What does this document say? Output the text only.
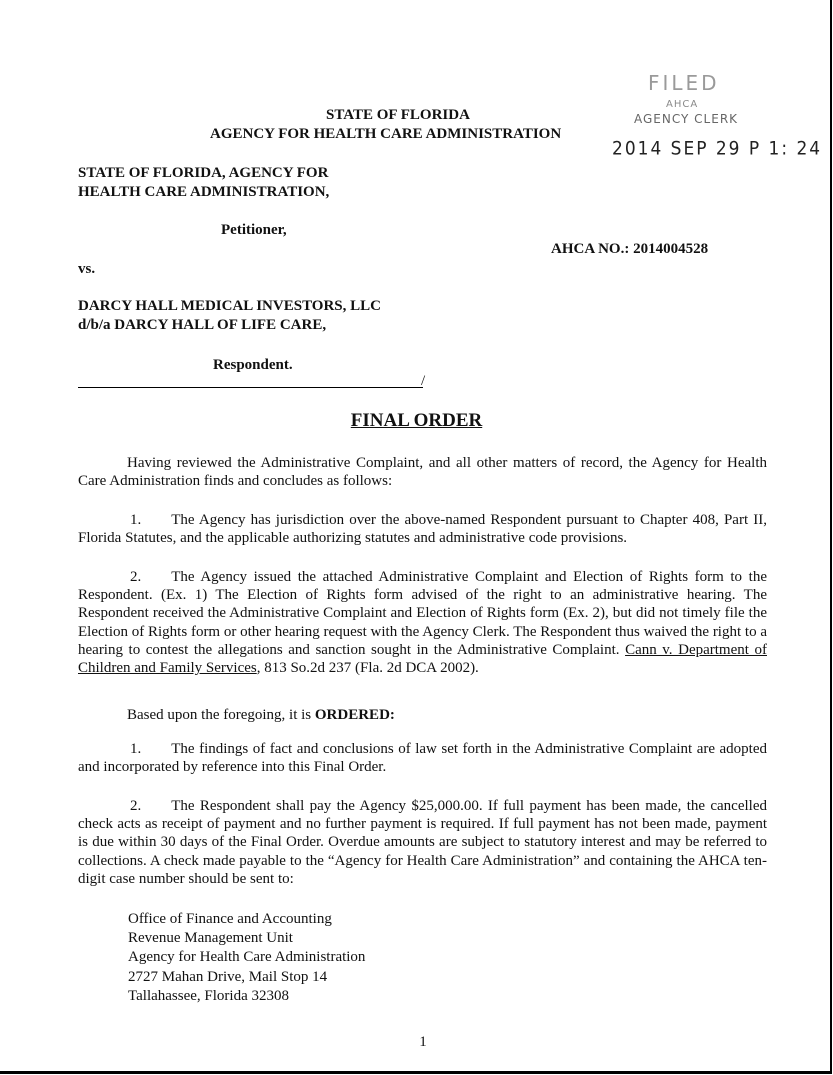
STATE OF FLORIDA
AGENCY FOR HEALTH CARE ADMINISTRATION
FILED
AHCA
AGENCY CLERK
2014 SEP 29 P 1: 24
STATE OF FLORIDA, AGENCY FOR
HEALTH CARE ADMINISTRATION,
Petitioner,
AHCA NO.: 2014004528
vs.
DARCY HALL MEDICAL INVESTORS, LLC
d/b/a DARCY HALL OF LIFE CARE,
Respondent.
/
FINAL ORDER
Having reviewed the Administrative Complaint, and all other matters of record, the Agency for Health Care Administration finds and concludes as follows:
1.  The Agency has jurisdiction over the above-named Respondent pursuant to Chapter 408, Part II, Florida Statutes, and the applicable authorizing statutes and administrative code provisions.
2.  The Agency issued the attached Administrative Complaint and Election of Rights form to the Respondent. (Ex. 1) The Election of Rights form advised of the right to an administrative hearing. The Respondent received the Administrative Complaint and Election of Rights form (Ex. 2), but did not timely file the Election of Rights form or other hearing request with the Agency Clerk. The Respondent thus waived the right to a hearing to contest the allegations and sanction sought in the Administrative Complaint. Cann v. Department of Children and Family Services, 813 So.2d 237 (Fla. 2d DCA 2002).
Based upon the foregoing, it is ORDERED:
1.  The findings of fact and conclusions of law set forth in the Administrative Complaint are adopted and incorporated by reference into this Final Order.
2.  The Respondent shall pay the Agency $25,000.00. If full payment has been made, the cancelled check acts as receipt of payment and no further payment is required. If full payment has not been made, payment is due within 30 days of the Final Order. Overdue amounts are subject to statutory interest and may be referred to collections. A check made payable to the “Agency for Health Care Administration” and containing the AHCA ten-digit case number should be sent to:
Office of Finance and Accounting
Revenue Management Unit
Agency for Health Care Administration
2727 Mahan Drive, Mail Stop 14
Tallahassee, Florida 32308
1
